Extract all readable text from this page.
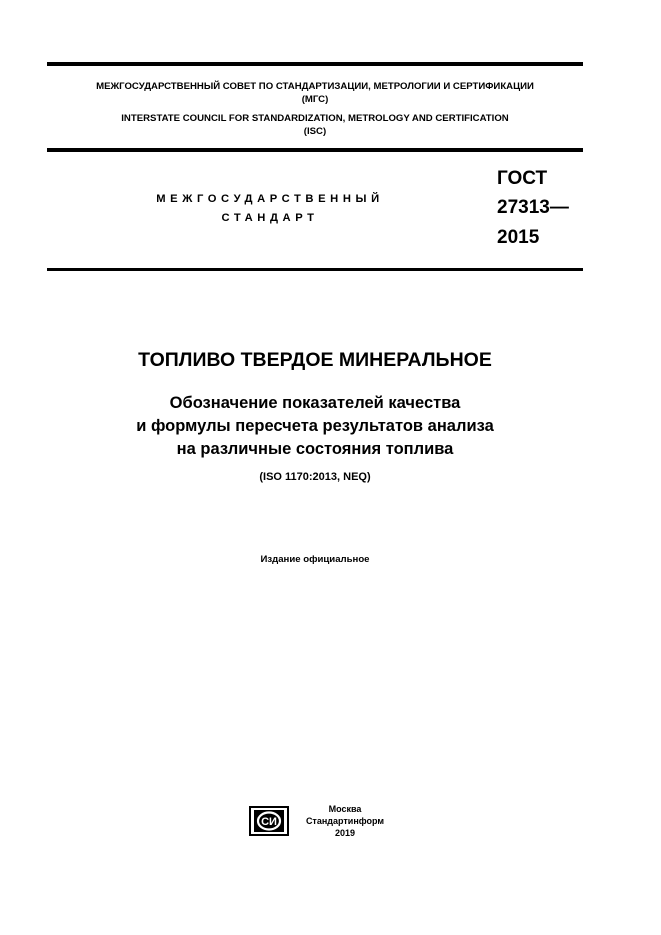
МЕЖГОСУДАРСТВЕННЫЙ СОВЕТ ПО СТАНДАРТИЗАЦИИ, МЕТРОЛОГИИ И СЕРТИФИКАЦИИ
(МГС)
INTERSTATE COUNCIL FOR STANDARDIZATION, METROLOGY AND CERTIFICATION
(ISC)
МЕЖГОСУДАРСТВЕННЫЙ
СТАНДАРТ
ГОСТ
27313—
2015
ТОПЛИВО ТВЕРДОЕ МИНЕРАЛЬНОЕ
Обозначение показателей качества
и формулы пересчета результатов анализа
на различные состояния топлива
(ISO 1170:2013, NEQ)
Издание официальное
СИ
Москва
Стандартинформ
2019
